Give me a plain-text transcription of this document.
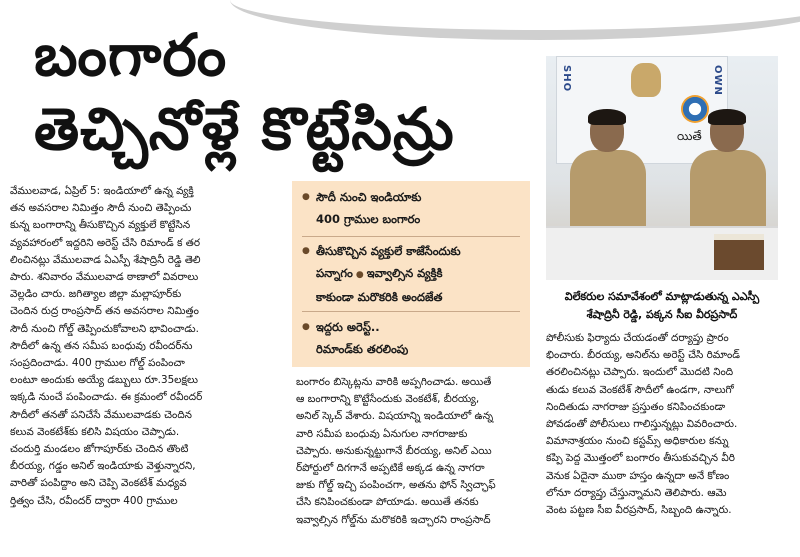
బంగారం
తెచ్చినోళ్లే కొట్టేసిన్రు
SHO	OWN
యితే
విలేకరుల సమావేశంలో మాట్లాడుతున్న ఎఎస్పీ
శేషాద్రినీ రెడ్డి, పక్కన సీఐ వీరప్రసాద్
● సౌదీ నుంచి ఇండియాకు
400 గ్రాముల బంగారం
● తీసుకొచ్చిన వ్యక్తులే కాజేసేందుకు
పన్నాగం ● ఇవ్వాల్సిన వ్యక్తికి
కాకుండా మరొకరికి అందజేత
● ఇద్దరు అరెస్ట్..
రిమాండ్‌కు తరలింపు
వేములవాడ, ఏప్రిల్ 5: ఇండియాలో ఉన్న వ్యక్తి
తన అవసరాల నిమిత్తం సౌదీ నుంచి తెప్పించు
కున్న బంగారాన్ని తీసుకొచ్చిన వ్యక్తులే కొట్టేసిన
వ్యవహారంలో ఇద్దరిని అరెస్ట్ చేసి రిమాండ్ క తర
లించినట్లు వేములవాడ ఏఎస్పీ శేషాద్రినీ రెడ్డి తెలి
పారు. శనివారం వేములవాడ ఠాణాలో వివరాలు
వెల్లడిం చారు. జగిత్యాల జిల్లా మల్లాపూర్‌కు
చెందిన రుద్ర రాంప్రసాద్ తన అవసరాల నిమిత్తం
సౌదీ నుంచి గోల్డ్ తెప్పించుకోవాలని భావించాడు.
సౌదీలో ఉన్న తన సమీప బంధువు రవీందర్‌ను
సంప్రదించాడు. 400 గ్రాముల గోల్డ్ పంపించా
లంటూ అందుకు అయ్యే డబ్బులు రూ.35లక్షలు
ఇక్కడి నుంచే పంపించాడు. ఈ క్రమంలో రవీందర్
సౌదీలో తనతో పనిచేసే వేములవాడకు చెందిన
కలువ వెంకటేశ్‌కు కలిసి విషయం చెప్పాడు.
చందుర్తి మండలం జోగాపూర్‌కు చెందిన తొంటి
బీరయ్య, గడ్డం అనిల్ ఇండియాకు వెళ్తున్నారని,
వారితో పంపిద్దాం అని చెప్పి వెంకటేశ్ మధ్యవ
ర్తిత్వం చేసి, రవీందర్ ద్వారా 400 గ్రాముల
బంగారం బిస్కెట్లను వారికి అప్పగించాడు. అయితే
ఆ బంగారాన్ని కొట్టేసేందుకు వెంకటేశ్, బీరయ్య,
అనిల్ స్కెచ్ వేశారు. విషయాన్ని ఇండియాలో ఉన్న
వారి సమీప బంధువు ఏనుగుల నాగరాజుకు
చెప్పారు. అనుకున్నట్టుగానే బీరయ్య, అనిల్ ఎయి
ర్‌పోర్టులో దిగగానే అప్పటికే అక్కడ ఉన్న నాగరా
జుకు గోల్డ్ ఇచ్చి పంపించగా, అతను ఫోన్ స్విచ్ఛాఫ్
చేసి కనిపించకుండా పోయాడు. అయితే తనకు
ఇవ్వాల్సిన గోల్డ్‌ను మరొకరికి ఇచ్చారని రాంప్రసాద్
పోలీసుకు ఫిర్యాదు చేయడంతో దర్యాప్తు ప్రారం
భించారు. బీరయ్య, అనిల్‌ను అరెస్ట్ చేసి రిమాండ్
తరలించినట్లు చెప్పారు. ఇందులో మొదటి నింది
తుడు కలువ వెంకటేశ్ సౌదీలో ఉండగా, నాలుగో
నిందితుడు నాగరాజు ప్రస్తుతం కనిపించకుండా
పోవడంతో పోలీసులు గాలిస్తున్నట్లు వివరించారు.
విమానాశ్రయం నుంచి కస్టమ్స్ అధికారుల కన్ను
కప్పి పెద్ద మొత్తంలో బంగారం తీసుకువచ్చిన వీరి
వెనుక ఏదైనా ముఠా హస్తం ఉన్నదా అనే కోణం
లోనూ దర్యాప్తు చేస్తున్నామని తెలిపారు. ఆమె
వెంట పట్టణ సీఐ వీరప్రసాద్, సిబ్బంది ఉన్నారు.
